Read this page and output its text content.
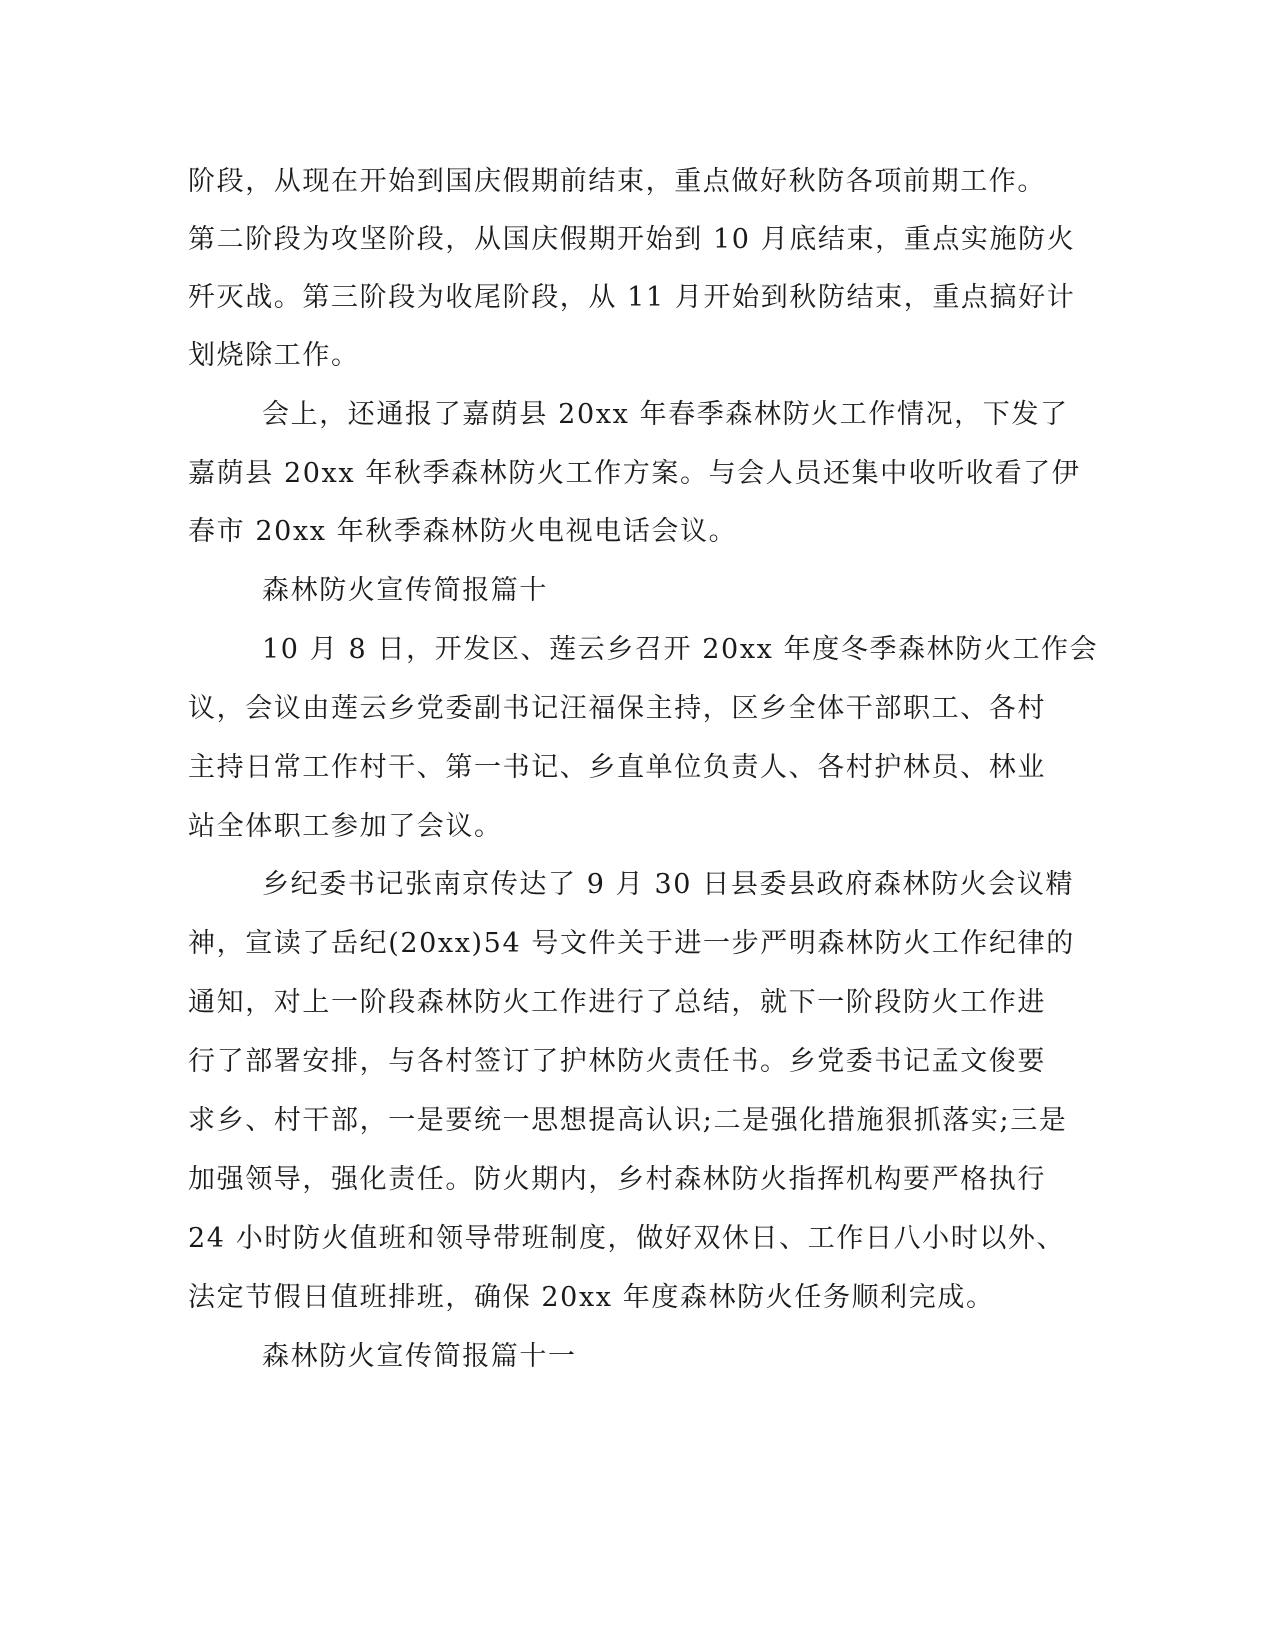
阶段，从现在开始到国庆假期前结束，重点做好秋防各项前期工作。
第二阶段为攻坚阶段，从国庆假期开始到 10 月底结束，重点实施防火
歼灭战。第三阶段为收尾阶段，从 11 月开始到秋防结束，重点搞好计
划烧除工作。
会上，还通报了嘉荫县 20xx 年春季森林防火工作情况，下发了
嘉荫县 20xx 年秋季森林防火工作方案。与会人员还集中收听收看了伊
春市 20xx 年秋季森林防火电视电话会议。
森林防火宣传简报篇十
10 月 8 日，开发区、莲云乡召开 20xx 年度冬季森林防火工作会
议，会议由莲云乡党委副书记汪福保主持，区乡全体干部职工、各村
主持日常工作村干、第一书记、乡直单位负责人、各村护林员、林业
站全体职工参加了会议。
乡纪委书记张南京传达了 9 月 30 日县委县政府森林防火会议精
神，宣读了岳纪(20xx)54 号文件关于进一步严明森林防火工作纪律的
通知，对上一阶段森林防火工作进行了总结，就下一阶段防火工作进
行了部署安排，与各村签订了护林防火责任书。乡党委书记孟文俊要
求乡、村干部，一是要统一思想提高认识;二是强化措施狠抓落实;三是
加强领导，强化责任。防火期内，乡村森林防火指挥机构要严格执行
24 小时防火值班和领导带班制度，做好双休日、工作日八小时以外、
法定节假日值班排班，确保 20xx 年度森林防火任务顺利完成。
森林防火宣传简报篇十一
